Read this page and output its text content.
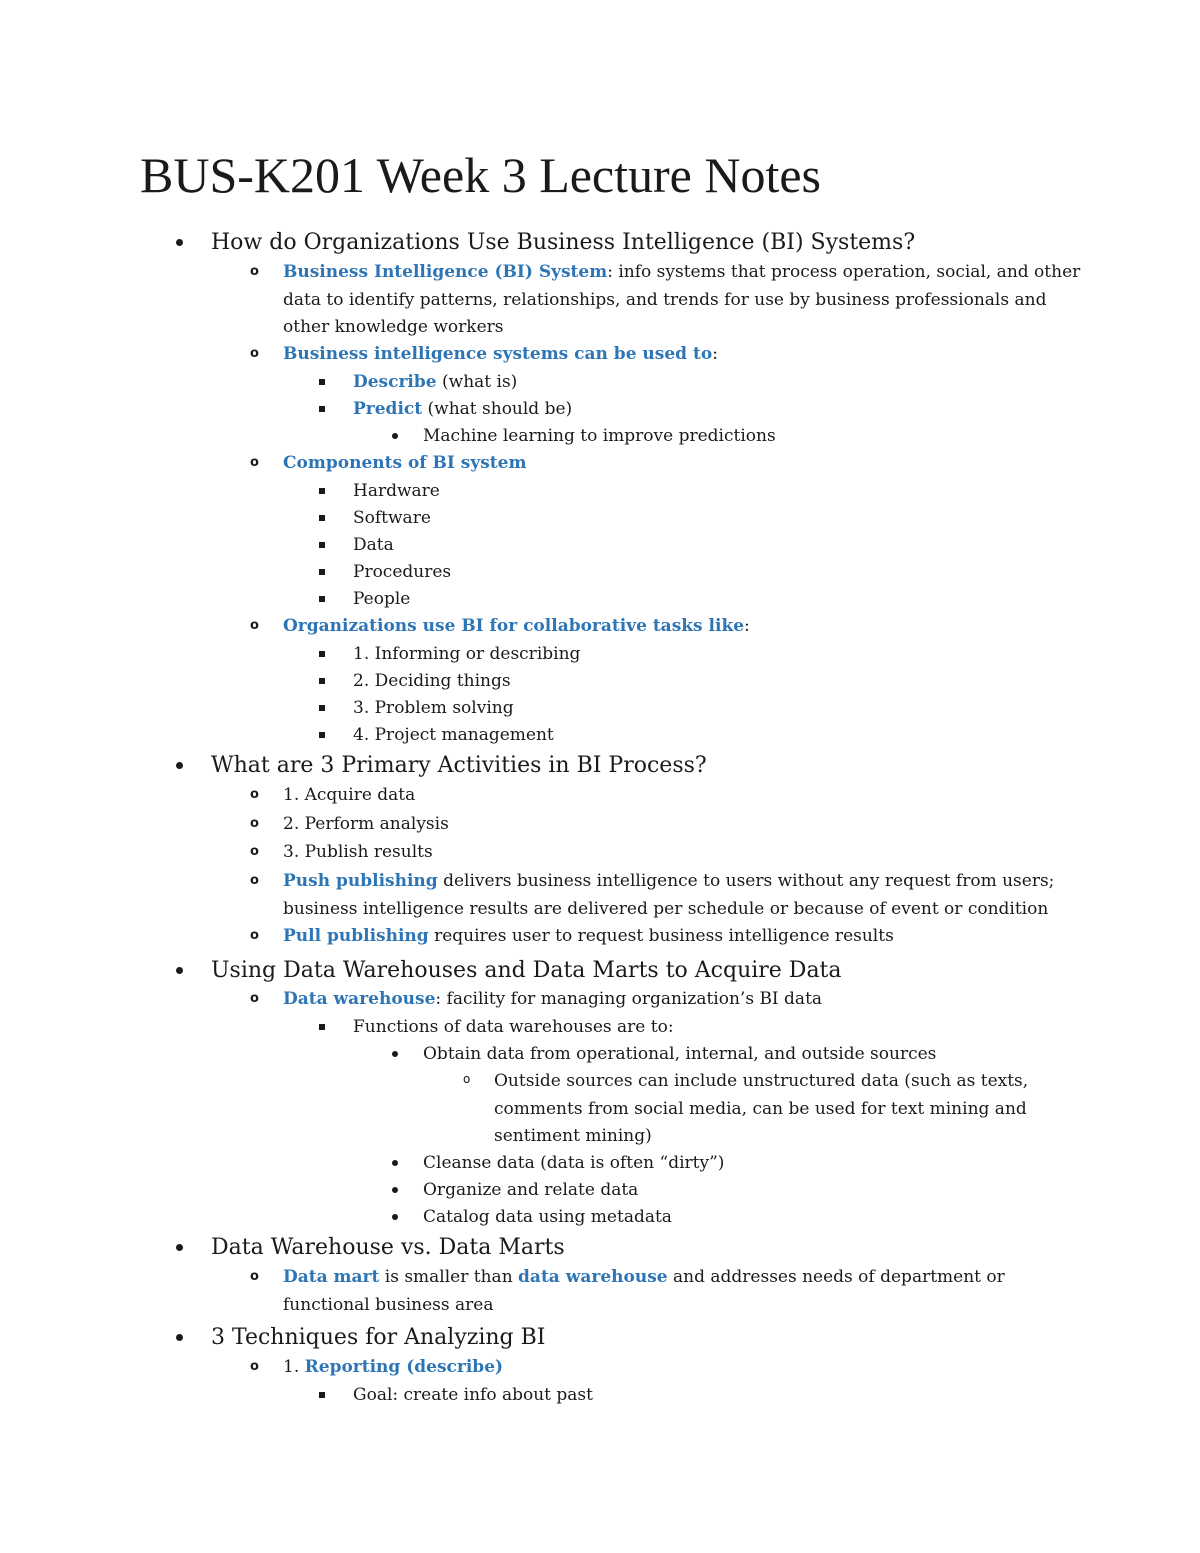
BUS-K201 Week 3 Lecture Notes
How do Organizations Use Business Intelligence (BI) Systems?
o Business Intelligence (BI) System: info systems that process operation, social, and other
data to identify patterns, relationships, and trends for use by business professionals and
other knowledge workers
o Business intelligence systems can be used to:
Describe (what is)
Predict (what should be)
Machine learning to improve predictions
o Components of BI system
Hardware
Software
Data
Procedures
People
o Organizations use BI for collaborative tasks like:
1. Informing or describing
2. Deciding things
3. Problem solving
4. Project management
What are 3 Primary Activities in BI Process?
o 1. Acquire data
o 2. Perform analysis
o 3. Publish results
o Push publishing delivers business intelligence to users without any request from users;
business intelligence results are delivered per schedule or because of event or condition
o Pull publishing requires user to request business intelligence results
Using Data Warehouses and Data Marts to Acquire Data
o Data warehouse: facility for managing organization’s BI data
Functions of data warehouses are to:
Obtain data from operational, internal, and outside sources
o Outside sources can include unstructured data (such as texts,
comments from social media, can be used for text mining and
sentiment mining)
Cleanse data (data is often “dirty”)
Organize and relate data
Catalog data using metadata
Data Warehouse vs. Data Marts
o Data mart is smaller than data warehouse and addresses needs of department or
functional business area
3 Techniques for Analyzing BI
o 1. Reporting (describe)
Goal: create info about past
